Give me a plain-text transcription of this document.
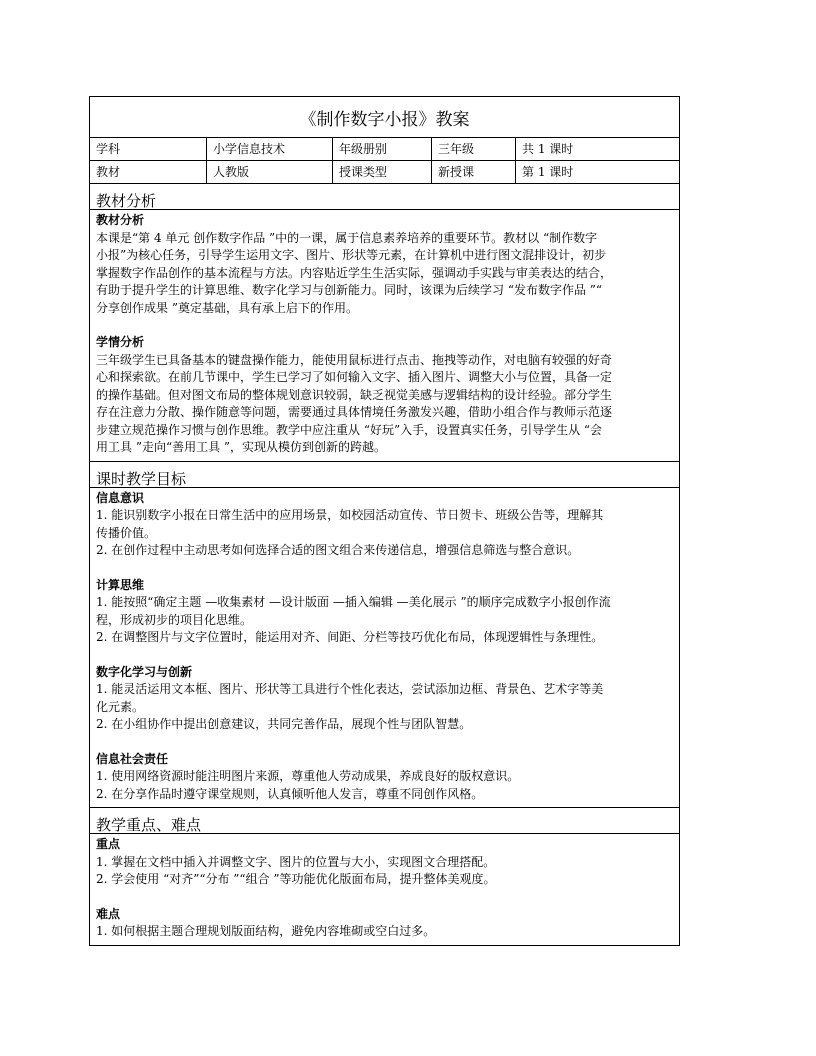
《制作数字小报》教案
学科	小学信息技术	年级册别	三年级	共 1 课时
教材	人教版	授课类型	新授课	第 1 课时
教材分析

教材分析

本课是“第 4 单元 创作数字作品 ”中的一课，属于信息素养培养的重要环节。教材以 “制作数字

小报”为核心任务，引导学生运用文字、图片、形状等元素，在计算机中进行图文混排设计，初步

掌握数字作品创作的基本流程与方法。内容贴近学生生活实际，强调动手实践与审美表达的结合，

有助于提升学生的计算思维、数字化学习与创新能力。同时，该课为后续学习 “发布数字作品 ”“

分享创作成果 ”奠定基础，具有承上启下的作用。

学情分析

三年级学生已具备基本的键盘操作能力，能使用鼠标进行点击、拖拽等动作，对电脑有较强的好奇

心和探索欲。在前几节课中，学生已学习了如何输入文字、插入图片、调整大小与位置，具备一定

的操作基础。但对图文布局的整体规划意识较弱，缺乏视觉美感与逻辑结构的设计经验。部分学生

存在注意力分散、操作随意等问题，需要通过具体情境任务激发兴趣，借助小组合作与教师示范逐

步建立规范操作习惯与创作思维。教学中应注重从 “好玩”入手，设置真实任务，引导学生从 “会

用工具 ”走向“善用工具 ”，实现从模仿到创新的跨越。

课时教学目标

信息意识

1. 能识别数字小报在日常生活中的应用场景，如校园活动宣传、节日贺卡、班级公告等，理解其

传播价值。

2. 在创作过程中主动思考如何选择合适的图文组合来传递信息，增强信息筛选与整合意识。

计算思维

1. 能按照“确定主题 —收集素材 —设计版面 —插入编辑 —美化展示 ”的顺序完成数字小报创作流

程，形成初步的项目化思维。

2. 在调整图片与文字位置时，能运用对齐、间距、分栏等技巧优化布局，体现逻辑性与条理性。

数字化学习与创新

1. 能灵活运用文本框、图片、形状等工具进行个性化表达，尝试添加边框、背景色、艺术字等美

化元素。

2. 在小组协作中提出创意建议，共同完善作品，展现个性与团队智慧。

信息社会责任

1. 使用网络资源时能注明图片来源，尊重他人劳动成果，养成良好的版权意识。

2. 在分享作品时遵守课堂规则，认真倾听他人发言，尊重不同创作风格。

教学重点、难点

重点

1. 掌握在文档中插入并调整文字、图片的位置与大小，实现图文合理搭配。

2. 学会使用 “对齐”“分布 ”“组合 ”等功能优化版面布局，提升整体美观度。

难点

1. 如何根据主题合理规划版面结构，避免内容堆砌或空白过多。
